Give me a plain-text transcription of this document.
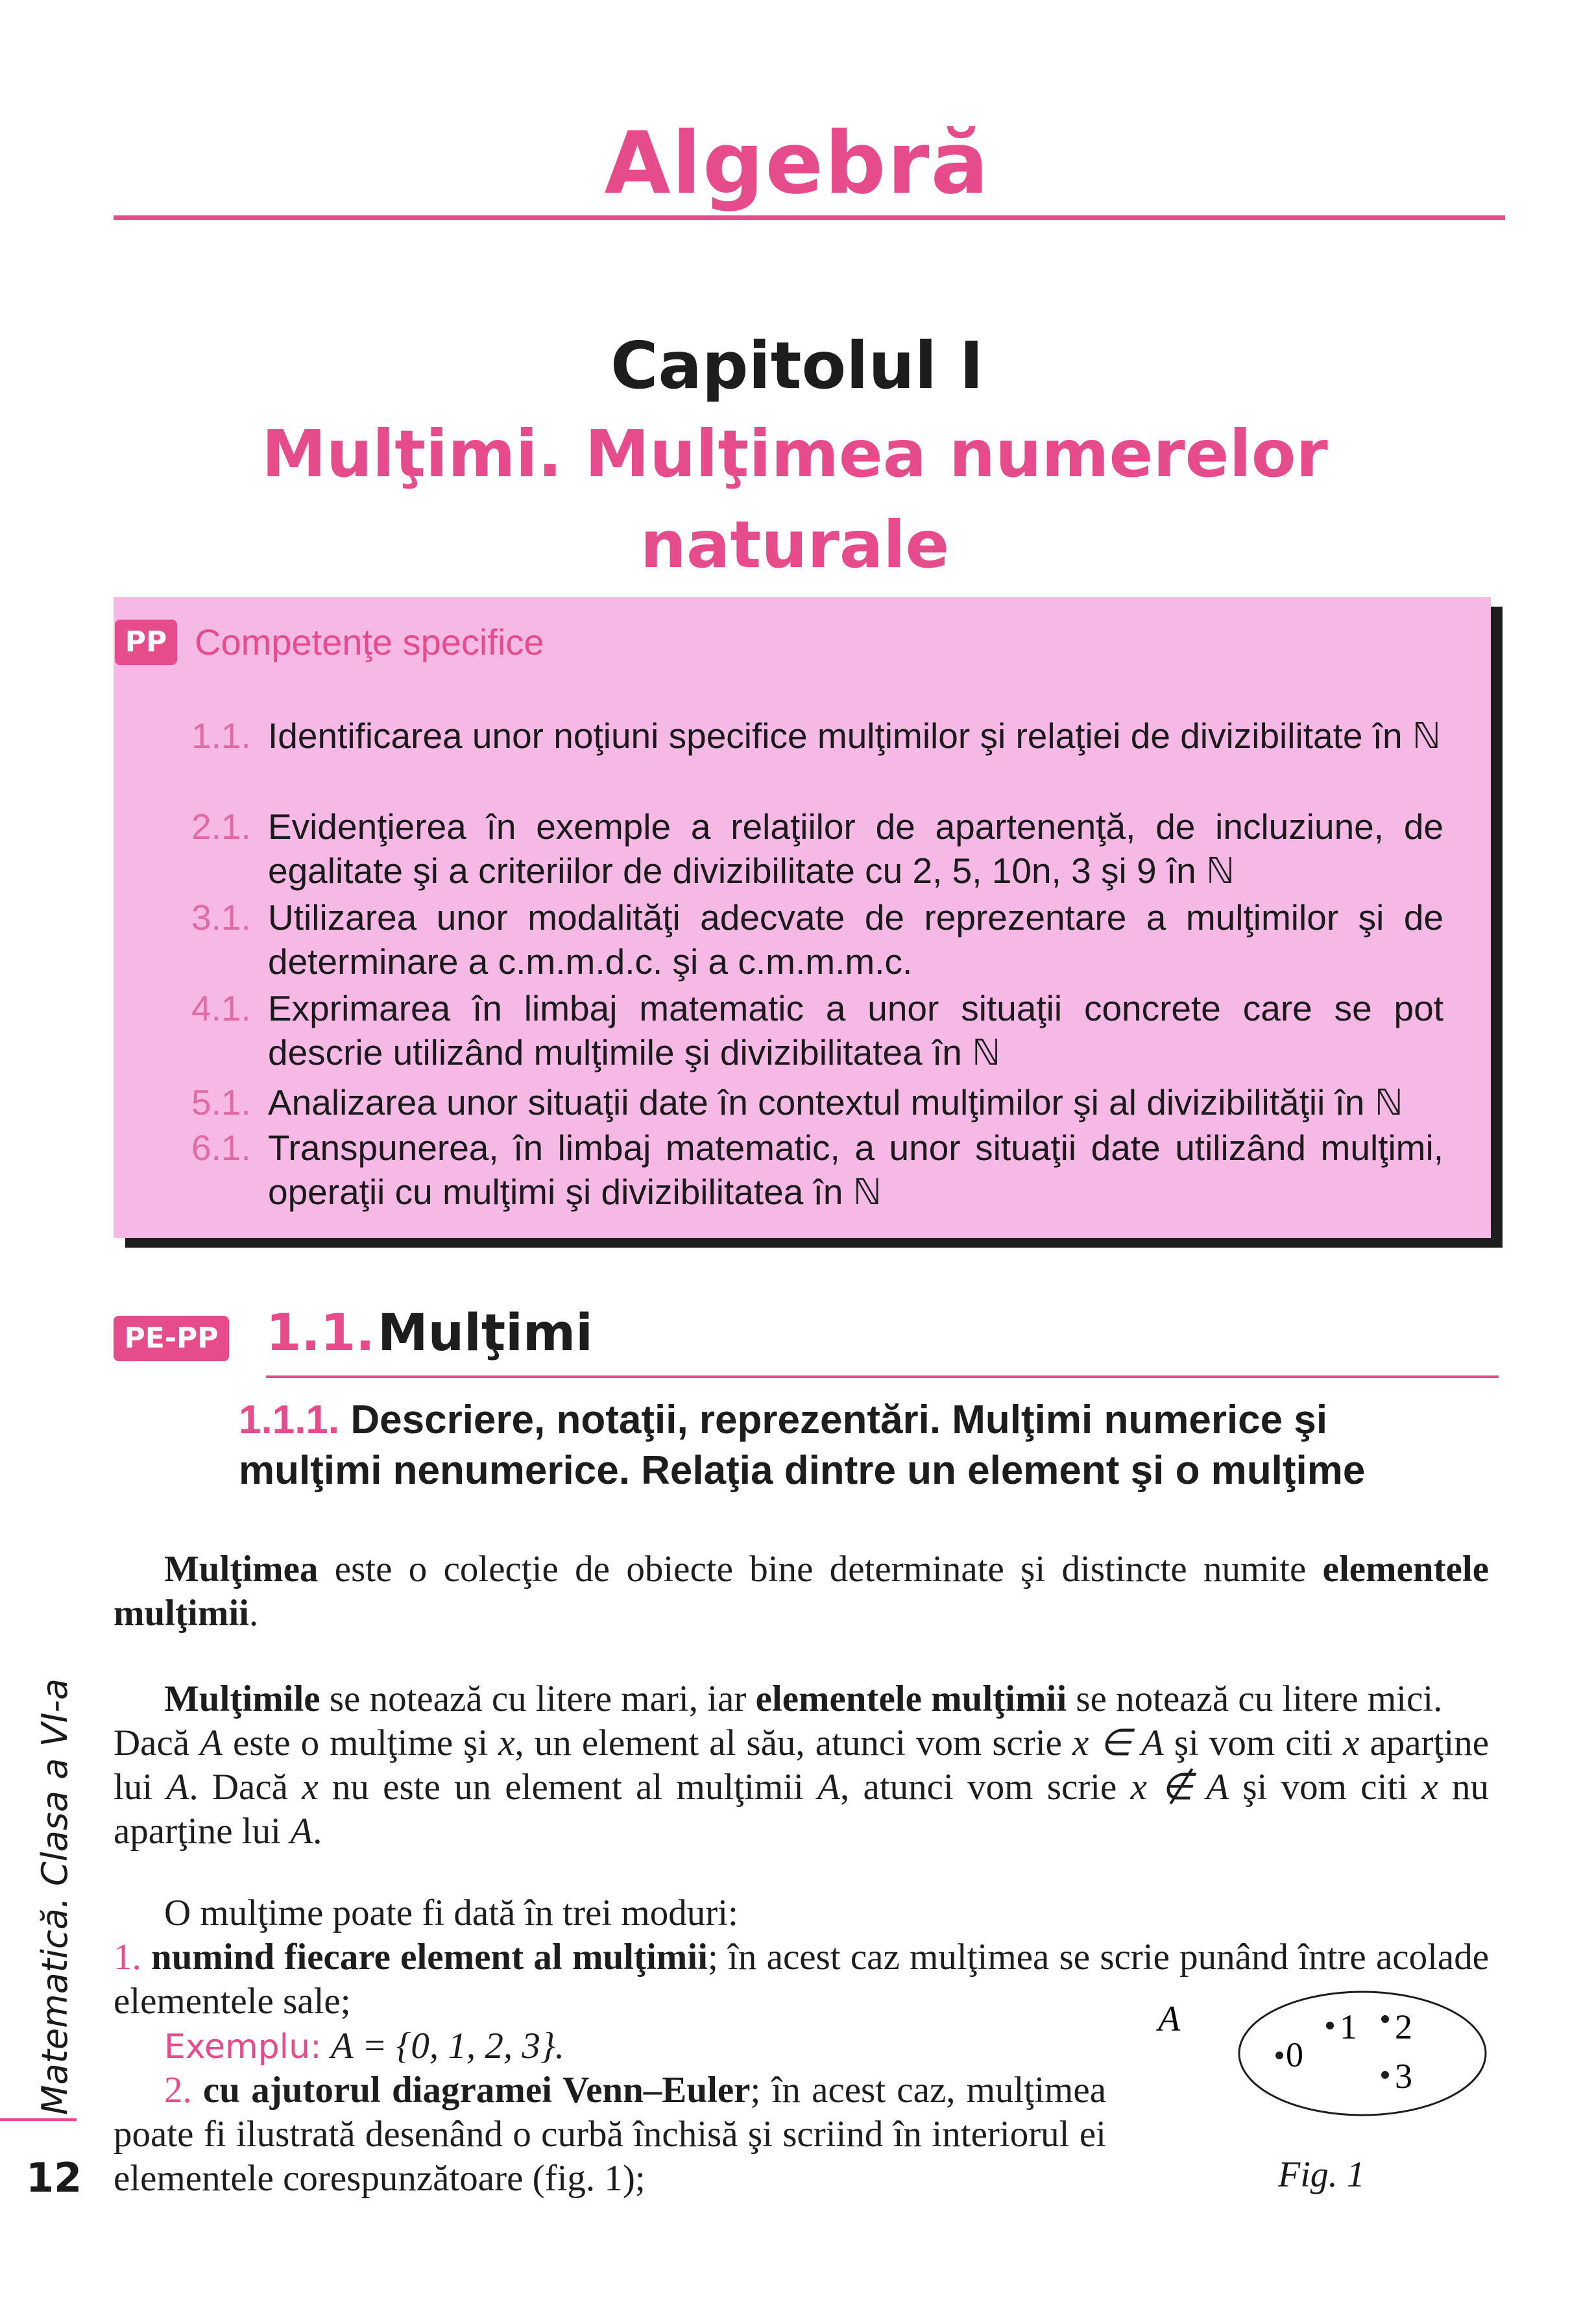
Algebră
Capitolul I
Mulţimi. Mulţimea numerelor naturale
PP Competenţe specifice
1.1. Identificarea unor noţiuni specifice mulţimilor şi relaţiei de divizibilitate în ℕ
2.1. Evidenţierea în exemple a relaţiilor de apartenenţă, de incluziune, de egalitate şi a criteriilor de divizibilitate cu 2, 5, 10n, 3 şi 9 în ℕ
3.1. Utilizarea unor modalităţi adecvate de reprezentare a mulţimilor şi de determinare a c.m.m.d.c. şi a c.m.m.m.c.
4.1. Exprimarea în limbaj matematic a unor situaţii concrete care se pot descrie utilizând mulţimile şi divizibilitatea în ℕ
5.1. Analizarea unor situaţii date în contextul mulţimilor şi al divizibilităţii în ℕ
6.1. Transpunerea, în limbaj matematic, a unor situaţii date utilizând mulţimi, operaţii cu mulţimi şi divizibilitatea în ℕ
PE-PP 1.1. Mulţimi
1.1.1. Descriere, notaţii, reprezentări. Mulţimi numerice şi mulţimi nenumerice. Relaţia dintre un element şi o mulţime
Mulţimea este o colecţie de obiecte bine determinate şi distincte numite elementele mulţimii.
Mulţimile se notează cu litere mari, iar elementele mulţimii se notează cu litere mici.
Dacă A este o mulţime şi x, un element al său, atunci vom scrie x ∈ A şi vom citi x aparţine lui A. Dacă x nu este un element al mulţimii A, atunci vom scrie x ∉ A şi vom citi x nu aparţine lui A.
O mulţime poate fi dată în trei moduri:
1. numind fiecare element al mulţimii; în acest caz mulţimea se scrie punând între acolade elementele sale;
Exemplu: A = {0, 1, 2, 3}.
2. cu ajutorul diagramei Venn–Euler; în acest caz, mulţimea poate fi ilustrată desenând o curbă închisă şi scriind în interiorul ei elementele corespunzătoare (fig. 1);
A
0
1 2
3
Fig. 1
Matematică. Clasa a VI-a
12
